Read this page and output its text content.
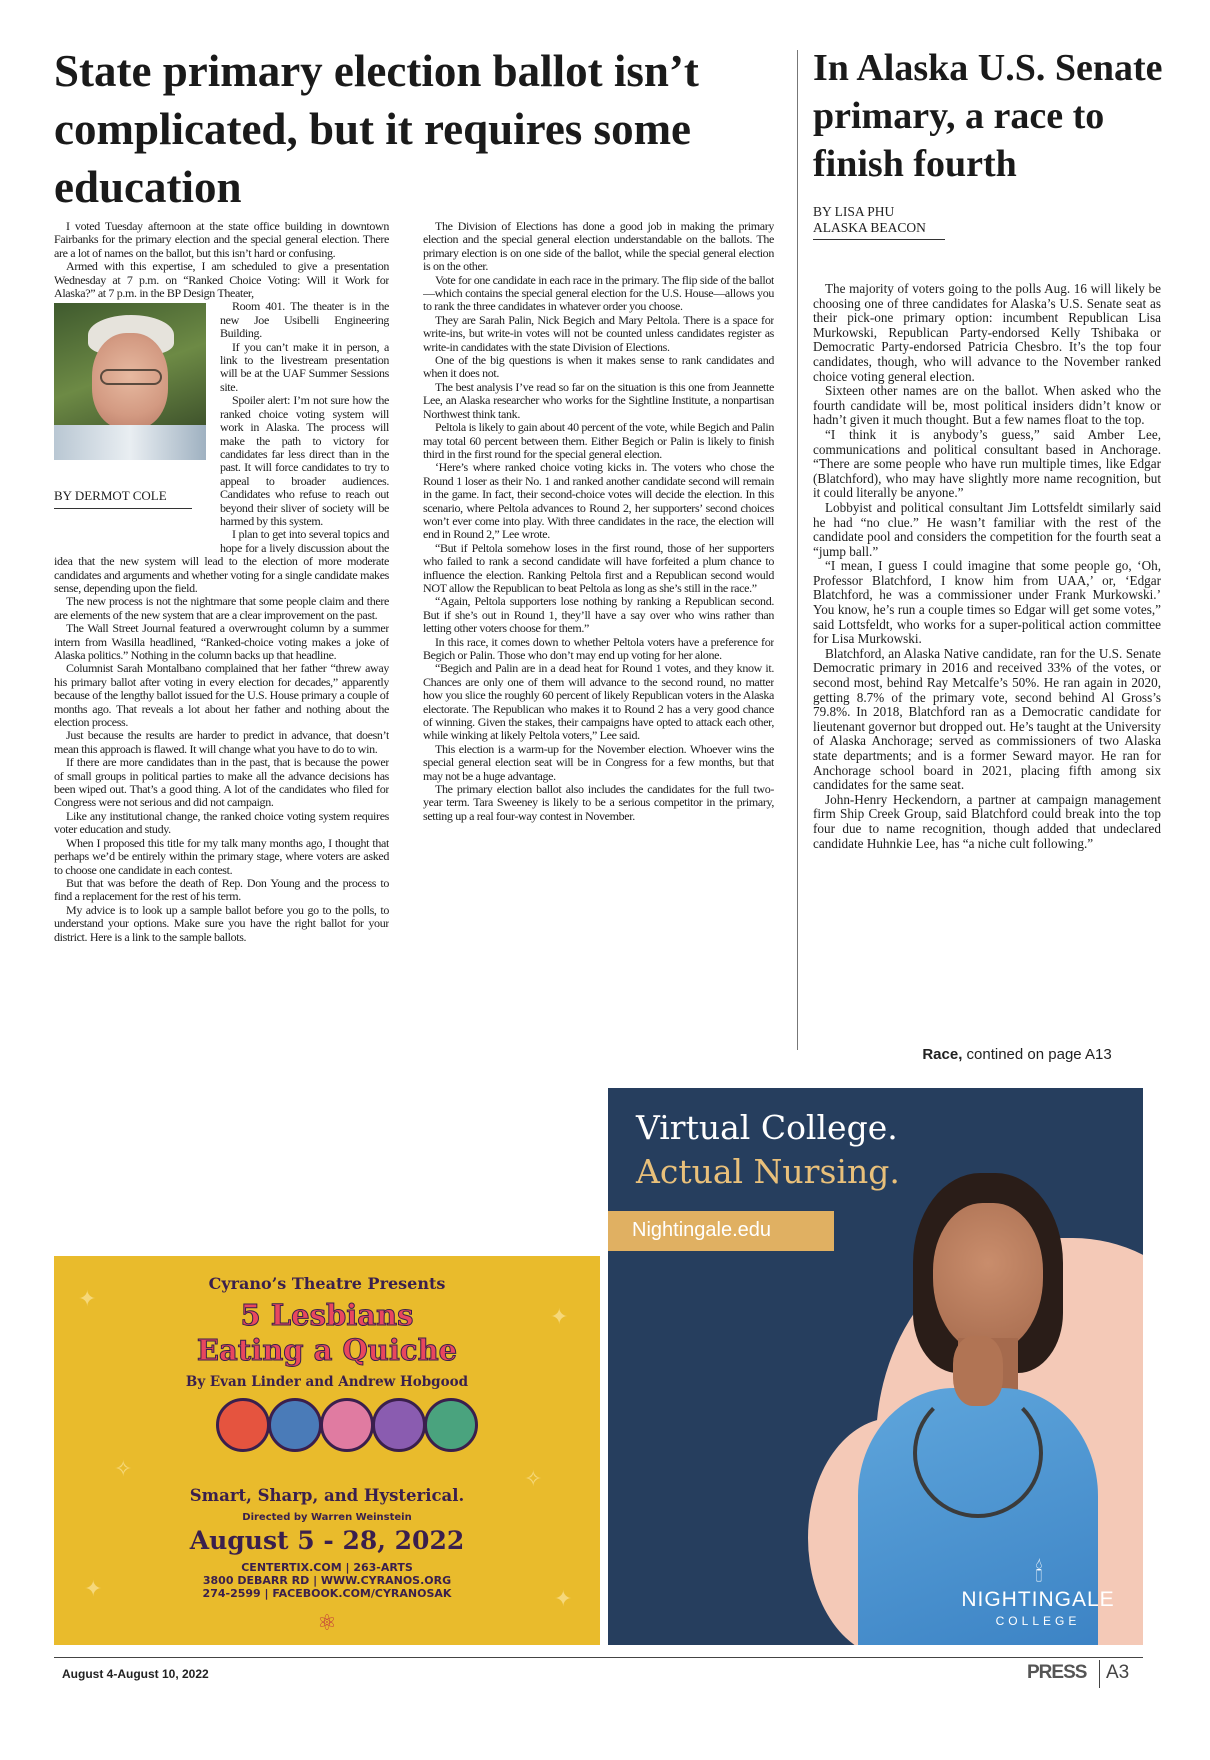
State primary election ballot isn’t complicated, but it requires some education
In Alaska U.S. Senate primary, a race to finish fourth
BY LISA PHU
ALASKA BEACON

I voted Tuesday afternoon at the state office building in downtown Fairbanks for the primary election and the special general election. There are a lot of names on the ballot, but this isn’t hard or confusing.

Armed with this expertise, I am scheduled to give a presentation Wednesday at 7 p.m. on “Ranked Choice Voting: Will it Work for Alaska?” at 7 p.m. in the BP Design Theater,

BY DERMOT COLE

Room 401. The theater is in the new Joe Usibelli Engineering Building.

If you can’t make it in person, a link to the livestream presentation will be at the UAF Summer Sessions site.

Spoiler alert: I’m not sure how the ranked choice voting system will work in Alaska. The process will make the path to victory for candidates far less direct than in the past. It will force candidates to try to appeal to broader audiences. Candidates who refuse to reach out beyond their sliver of society will be harmed by this system.

I plan to get into several topics and hope for a lively discussion about the idea that the new system will lead to the election of more moderate candidates and arguments and whether voting for a single candidate makes sense, depending upon the field.

The new process is not the nightmare that some people claim and there are elements of the new system that are a clear improvement on the past.

The Wall Street Journal featured a overwrought column by a summer intern from Wasilla headlined, “Ranked-choice voting makes a joke of Alaska politics.” Nothing in the column backs up that headline.

Columnist Sarah Montalbano complained that her father “threw away his primary ballot after voting in every election for decades,” apparently because of the lengthy ballot issued for the U.S. House primary a couple of months ago. That reveals a lot about her father and nothing about the election process.

Just because the results are harder to predict in advance, that doesn’t mean this approach is flawed. It will change what you have to do to win.

If there are more candidates than in the past, that is because the power of small groups in political parties to make all the advance decisions has been wiped out. That’s a good thing. A lot of the candidates who filed for Congress were not serious and did not campaign.

Like any institutional change, the ranked choice voting system requires voter education and study.

When I proposed this title for my talk many months ago, I thought that perhaps we’d be entirely within the primary stage, where voters are asked to choose one candidate in each contest.

But that was before the death of Rep. Don Young and the process to find a replacement for the rest of his term.

My advice is to look up a sample ballot before you go to the polls, to understand your options. Make sure you have the right ballot for your district. Here is a link to the sample ballots.

The Division of Elections has done a good job in making the primary election and the special general election understandable on the ballots. The primary election is on one side of the ballot, while the special general election is on the other.

Vote for one candidate in each race in the primary. The flip side of the ballot—which contains the special general election for the U.S. House—allows you to rank the three candidates in whatever order you choose.

They are Sarah Palin, Nick Begich and Mary Peltola. There is a space for write-ins, but write-in votes will not be counted unless candidates register as write-in candidates with the state Division of Elections.

One of the big questions is when it makes sense to rank candidates and when it does not.

The best analysis I’ve read so far on the situation is this one from Jeannette Lee, an Alaska researcher who works for the Sightline Institute, a nonpartisan Northwest think tank.

Peltola is likely to gain about 40 percent of the vote, while Begich and Palin may total 60 percent between them. Either Begich or Palin is likely to finish third in the first round for the special general election.

‘Here’s where ranked choice voting kicks in. The voters who chose the Round 1 loser as their No. 1 and ranked another candidate second will remain in the game. In fact, their second-choice votes will decide the election. In this scenario, where Peltola advances to Round 2, her supporters’ second choices won’t ever come into play. With three candidates in the race, the election will end in Round 2,” Lee wrote.

“But if Peltola somehow loses in the first round, those of her supporters who failed to rank a second candidate will have forfeited a plum chance to influence the election. Ranking Peltola first and a Republican second would NOT allow the Republican to beat Peltola as long as she’s still in the race.”

“Again, Peltola supporters lose nothing by ranking a Republican second. But if she’s out in Round 1, they’ll have a say over who wins rather than letting other voters choose for them.”

In this race, it comes down to whether Peltola voters have a preference for Begich or Palin. Those who don’t may end up voting for her alone.

“Begich and Palin are in a dead heat for Round 1 votes, and they know it. Chances are only one of them will advance to the second round, no matter how you slice the roughly 60 percent of likely Republican voters in the Alaska electorate. The Republican who makes it to Round 2 has a very good chance of winning. Given the stakes, their campaigns have opted to attack each other, while winking at likely Peltola voters,” Lee said.

This election is a warm-up for the November election. Whoever wins the special general election seat will be in Congress for a few months, but that may not be a huge advantage.

The primary election ballot also includes the candidates for the full two-year term. Tara Sweeney is likely to be a serious competitor in the primary, setting up a real four-way contest in November.

The majority of voters going to the polls Aug. 16 will likely be choosing one of three candidates for Alaska’s U.S. Senate seat as their pick-one primary option: incumbent Republican Lisa Murkowski, Republican Party-endorsed Kelly Tshibaka or Democratic Party-endorsed Patricia Chesbro. It’s the top four candidates, though, who will advance to the November ranked choice voting general election.

Sixteen other names are on the ballot. When asked who the fourth candidate will be, most political insiders didn’t know or hadn’t given it much thought. But a few names float to the top.

“I think it is anybody’s guess,” said Amber Lee, communications and political consultant based in Anchorage. “There are some people who have run multiple times, like Edgar (Blatchford), who may have slightly more name recognition, but it could literally be anyone.”

Lobbyist and political consultant Jim Lottsfeldt similarly said he had “no clue.” He wasn’t familiar with the rest of the candidate pool and considers the competition for the fourth seat a “jump ball.”

“I mean, I guess I could imagine that some people go, ‘Oh, Professor Blatchford, I know him from UAA,’ or, ‘Edgar Blatchford, he was a commissioner under Frank Murkowski.’ You know, he’s run a couple times so Edgar will get some votes,” said Lottsfeldt, who works for a super-political action committee for Lisa Murkowski.

Blatchford, an Alaska Native candidate, ran for the U.S. Senate Democratic primary in 2016 and received 33% of the votes, or second most, behind Ray Metcalfe’s 50%. He ran again in 2020, getting 8.7% of the primary vote, second behind Al Gross’s 79.8%. In 2018, Blatchford ran as a Democratic candidate for lieutenant governor but dropped out. He’s taught at the University of Alaska Anchorage; served as commissioners of two Alaska state departments; and is a former Seward mayor. He ran for Anchorage school board in 2021, placing fifth among six candidates for the same seat.

John-Henry Heckendorn, a partner at campaign management firm Ship Creek Group, said Blatchford could break into the top four due to name recognition, though added that undeclared candidate Huhnkie Lee, has “a niche cult following.”

Race, contined on page A13
✦
✦
✧	✧
✦	✦
Cyrano’s Theatre Presents
5 Lesbians
Eating a Quiche
By Evan Linder and Andrew Hobgood
Smart, Sharp, and Hysterical.
Directed by Warren Weinstein
August 5 - 28, 2022
CENTERTIX.COM | 263-ARTS
3800 DEBARR RD | WWW.CYRANOS.ORG
274-2599 | FACEBOOK.COM/CYRANOSAK
⚛
Virtual College.
Actual Nursing.
Nightingale.edu
🕯
NIGHTINGALE
COLLEGE
August 4-August 10, 2022	PRESS A3
